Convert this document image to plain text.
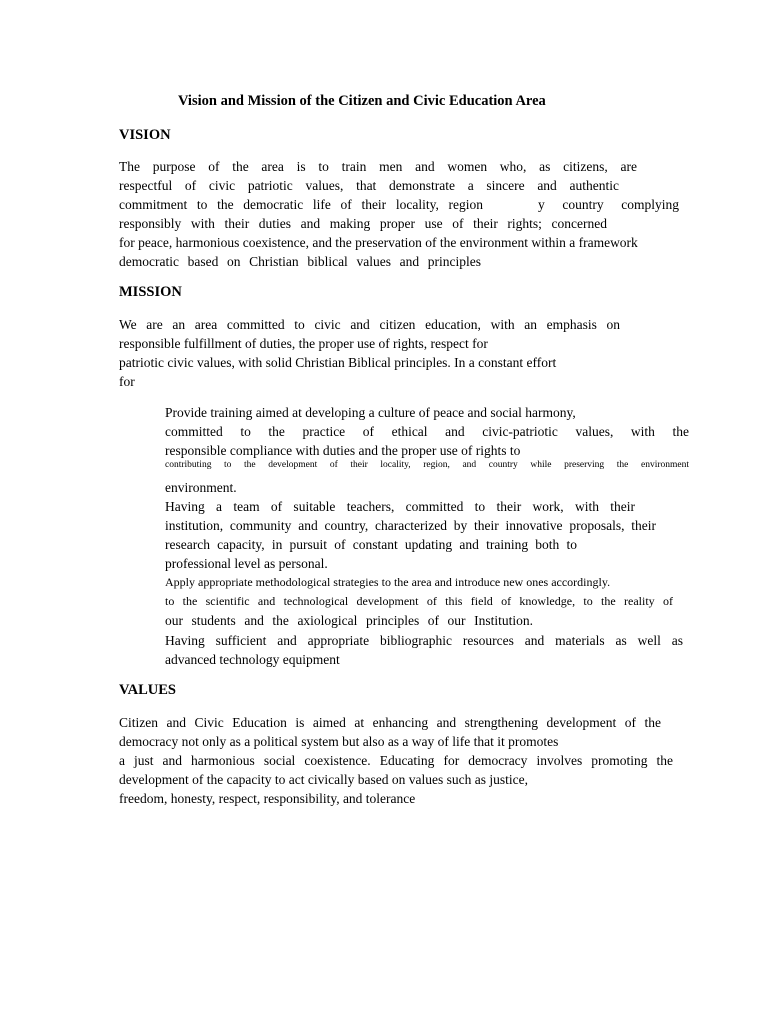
Vision and Mission of the Citizen and Civic Education Area
VISION
The purpose of the area is to train men and women who, as citizens, are
respectful of civic patriotic values, that demonstrate a sincere and authentic
commitment to the democratic life of their locality, region	y country complying
responsibly with their duties and making proper use of their rights; concerned
for peace, harmonious coexistence, and the preservation of the environment within a framework
democratic based on Christian biblical values and principles
MISSION
We are an area committed to civic and citizen education, with an emphasis on
responsible fulfillment of duties, the proper use of rights, respect for
patriotic civic values, with solid Christian Biblical principles. In a constant effort
for
Provide training aimed at developing a culture of peace and social harmony,
committed to the practice of ethical and civic-patriotic values, with the
responsible compliance with duties and the proper use of rights to
contributing to the development of their locality, region, and country while preserving the environment
environment.
Having a team of suitable teachers, committed to their work, with their
institution, community and country, characterized by their innovative proposals, their
research capacity, in pursuit of constant updating and training both to
professional level as personal.
Apply appropriate methodological strategies to the area and introduce new ones accordingly.
to the scientific and technological development of this field of knowledge, to the reality of
our students and the axiological principles of our Institution.
Having sufficient and appropriate bibliographic resources and materials as well as
advanced technology equipment
VALUES
Citizen and Civic Education is aimed at enhancing and strengthening development of the
democracy not only as a political system but also as a way of life that it promotes
a just and harmonious social coexistence. Educating for democracy involves promoting the
development of the capacity to act civically based on values such as justice,
freedom, honesty, respect, responsibility, and tolerance
